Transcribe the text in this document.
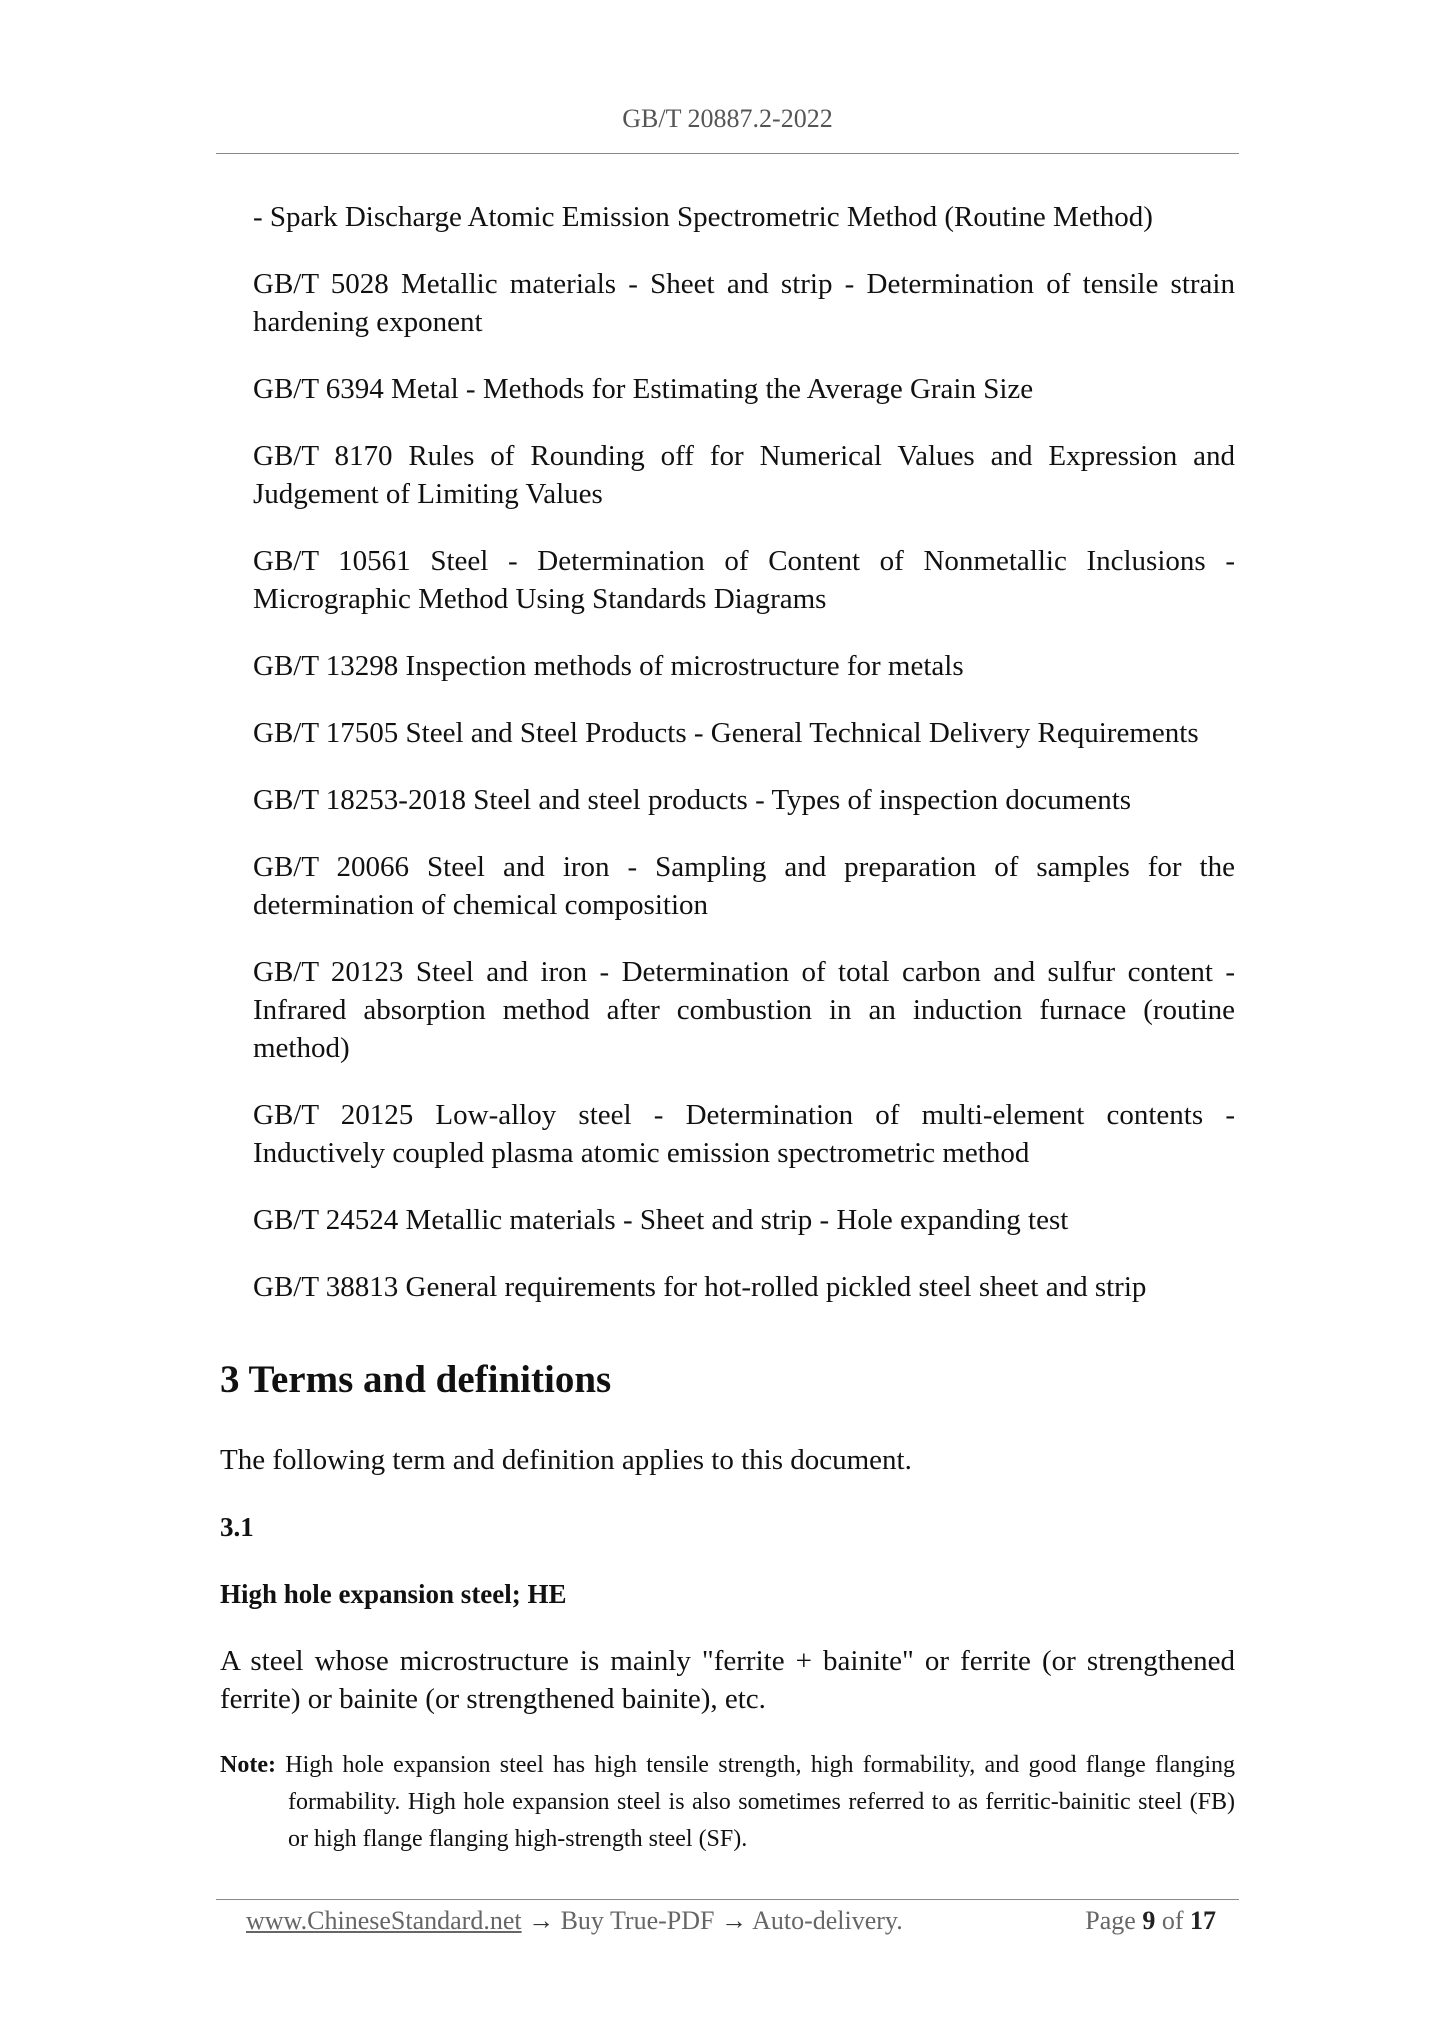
GB/T 20887.2-2022

- Spark Discharge Atomic Emission Spectrometric Method (Routine Method)

GB/T 5028 Metallic materials - Sheet and strip - Determination of tensile strain hardening exponent

GB/T 6394 Metal - Methods for Estimating the Average Grain Size

GB/T 8170 Rules of Rounding off for Numerical Values and Expression and Judgement of Limiting Values

GB/T 10561 Steel - Determination of Content of Nonmetallic Inclusions - Micrographic Method Using Standards Diagrams

GB/T 13298 Inspection methods of microstructure for metals

GB/T 17505 Steel and Steel Products - General Technical Delivery Requirements

GB/T 18253-2018 Steel and steel products - Types of inspection documents

GB/T 20066 Steel and iron - Sampling and preparation of samples for the determination of chemical composition

GB/T 20123 Steel and iron - Determination of total carbon and sulfur content - Infrared absorption method after combustion in an induction furnace (routine method)

GB/T 20125 Low-alloy steel - Determination of multi-element contents - Inductively coupled plasma atomic emission spectrometric method

GB/T 24524 Metallic materials - Sheet and strip - Hole expanding test

GB/T 38813 General requirements for hot-rolled pickled steel sheet and strip

3 Terms and definitions

The following term and definition applies to this document.

3.1

High hole expansion steel; HE

A steel whose microstructure is mainly "ferrite + bainite" or ferrite (or strengthened ferrite) or bainite (or strengthened bainite), etc.

Note: High hole expansion steel has high tensile strength, high formability, and good flange flanging formability. High hole expansion steel is also sometimes referred to as ferritic-bainitic steel (FB) or high flange flanging high-strength steel (SF).

www.ChineseStandard.net → Buy True-PDF → Auto-delivery.	Page 9 of 17
